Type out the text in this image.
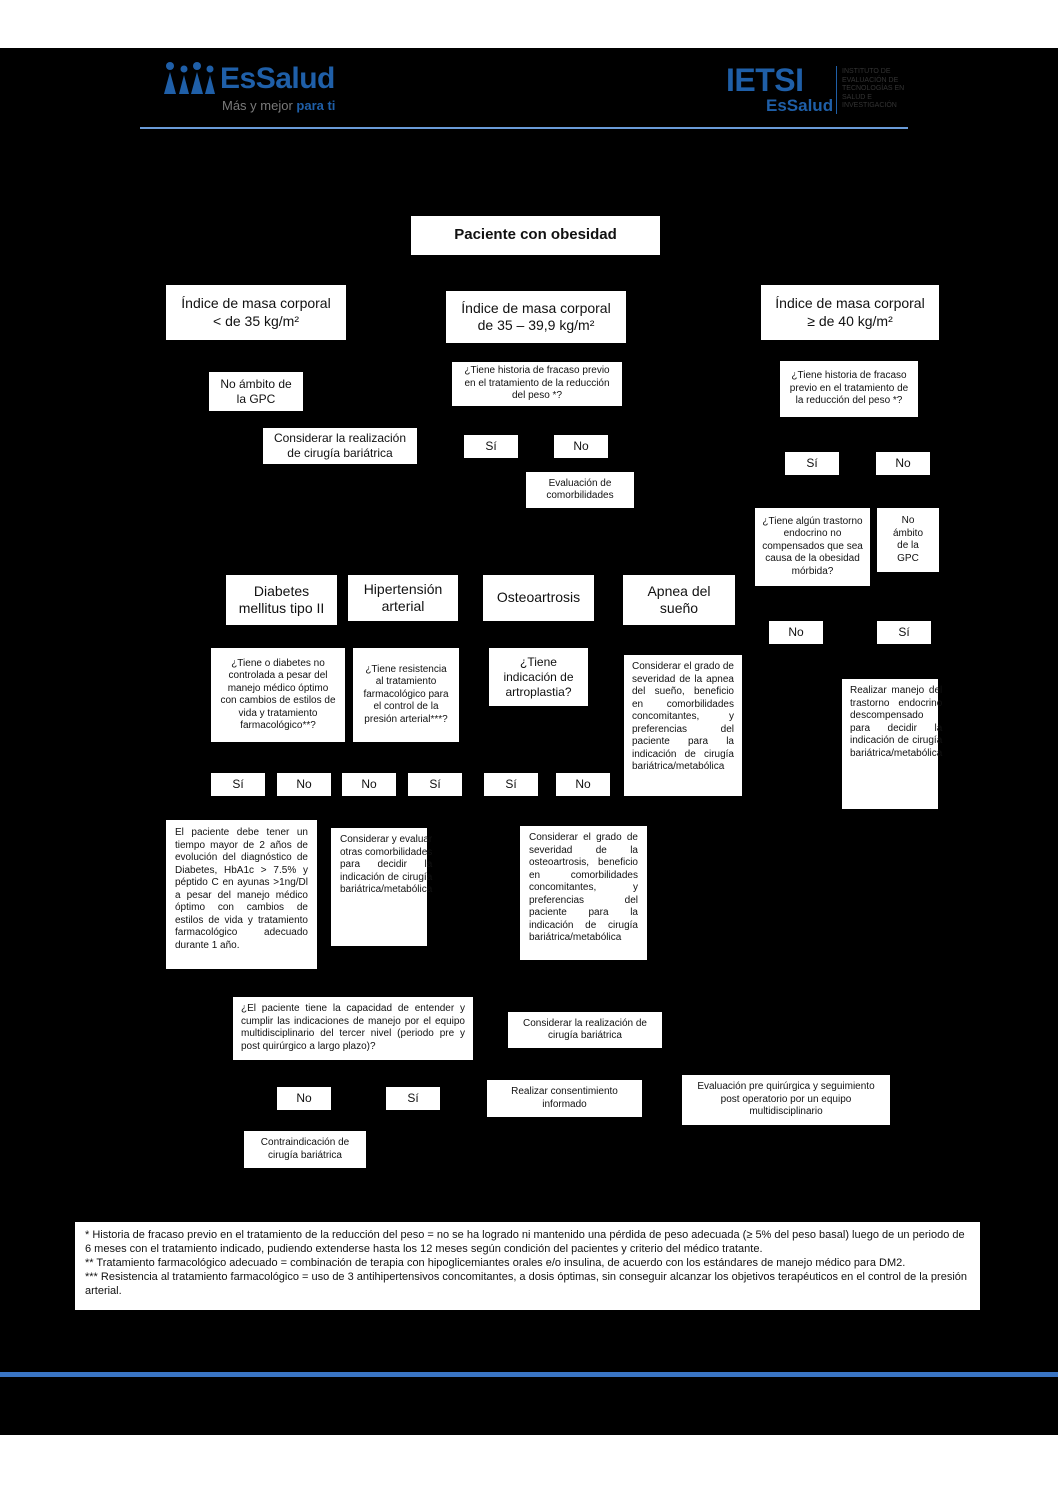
EsSalud
Más y mejor para ti
IETSI
EsSalud
INSTITUTO DE
EVALUACIÓN DE
TECNOLOGÍAS EN
SALUD E
INVESTIGACIÓN
Paciente con obesidad
Índice de masa corporal < de 35 kg/m²
Índice de masa corporal de 35 – 39,9 kg/m²
Índice de masa corporal ≥ de 40 kg/m²
No ámbito de la GPC
Considerar la realización de cirugía bariátrica
¿Tiene historia de fracaso previo en el tratamiento de la reducción del peso *?
Sí	No
Evaluación de comorbilidades
¿Tiene historia de fracaso previo en el tratamiento de la reducción del peso *?
Sí	No
¿Tiene algún trastorno endocrino no compensados que sea causa de la obesidad mórbida?
No ámbito de la GPC
No	Sí
Realizar manejo del trastorno endocrino descompensado para decidir la indicación de cirugía bariátrica/metabólica
Diabetes mellitus tipo II
Hipertensión arterial
Osteoartrosis	Apnea del sueño
¿Tiene o diabetes no controlada a pesar del manejo médico óptimo con cambios de estilos de vida y tratamiento farmacológico**?
¿Tiene resistencia al tratamiento farmacológico para el control de la presión arterial***?
¿Tiene indicación de artroplastia?
Considerar el grado de severidad de la apnea del sueño, beneficio en comorbilidades concomitantes, y preferencias del paciente para la indicación de cirugía bariátrica/metabólica
Sí	No	No	Sí	Sí	No
El paciente debe tener un tiempo mayor de 2 años de evolución del diagnóstico de Diabetes, HbA1c > 7.5% y péptido C en ayunas >1ng/Dl a pesar del manejo médico óptimo con cambios de estilos de vida y tratamiento farmacológico adecuado durante 1 año.
Considerar y evaluar otras comorbilidades para decidir la indicación de cirugía bariátrica/metabólica
Considerar el grado de severidad de la osteoartrosis, beneficio en comorbilidades concomitantes, y preferencias del paciente para la indicación de cirugía bariátrica/metabólica
¿El paciente tiene la capacidad de entender y cumplir las indicaciones de manejo por el equipo multidisciplinario del tercer nivel (periodo pre y post quirúrgico a largo plazo)?
Considerar la realización de cirugía bariátrica
No	Sí	Realizar consentimiento informado
Evaluación pre quirúrgica y seguimiento post operatorio por un equipo multidisciplinario
Contraindicación de cirugía bariátrica
* Historia de fracaso previo en el tratamiento de la reducción del peso = no se ha logrado ni mantenido una pérdida de peso adecuada (≥ 5% del peso basal) luego de un periodo de 6 meses con el tratamiento indicado, pudiendo extenderse hasta los 12 meses según condición del pacientes y criterio del médico tratante.
** Tratamiento farmacológico adecuado = combinación de terapia con hipoglicemiantes orales e/o insulina, de acuerdo con los estándares de manejo médico para DM2.
*** Resistencia al tratamiento farmacológico = uso de 3 antihipertensivos concomitantes, a dosis óptimas, sin conseguir alcanzar los objetivos terapéuticos en el control de la presión arterial.
